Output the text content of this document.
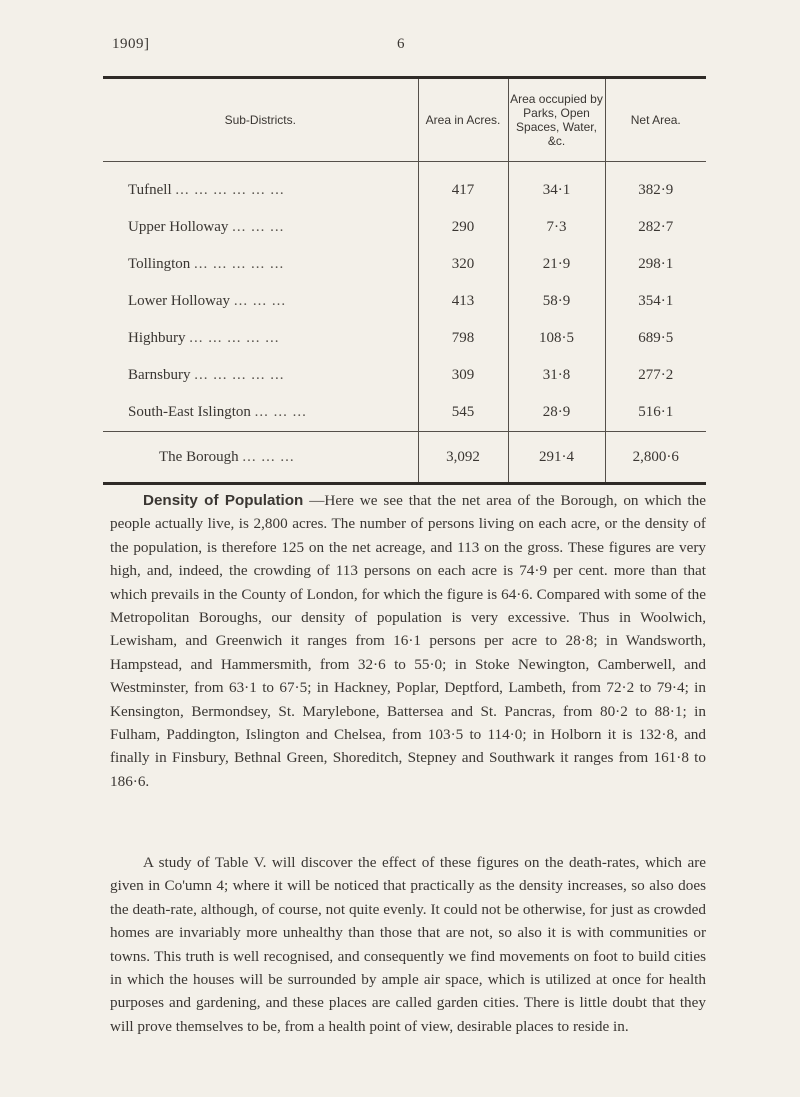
1909]	6
Sub-Districts.	Area in Acres.	Area occupied by Parks, Open Spaces, Water, &c.	Net Area.
Tufnell ... ... ... ... ... ...	417	34·1	382·9
Upper Holloway ... ... ...	290	7·3	282·7
Tollington ... ... ... ... ...	320	21·9	298·1
Lower Holloway ... ... ...	413	58·9	354·1
Highbury ... ... ... ... ...	798	108·5	689·5
Barnsbury ... ... ... ... ...	309	31·8	277·2
South-East Islington ... ... ...	545	28·9	516·1
The Borough ... ... ...	3,092	291·4	2,800·6

Density of Population —Here we see that the net area of the Borough, on which the people actually live, is 2,800 acres. The number of persons living on each acre, or the density of the population, is therefore 125 on the net acreage, and 113 on the gross. These figures are very high, and, indeed, the crowding of 113 persons on each acre is 74·9 per cent. more than that which prevails in the County of London, for which the figure is 64·6. Compared with some of the Metropolitan Boroughs, our density of population is very excessive. Thus in Woolwich, Lewisham, and Greenwich it ranges from 16·1 persons per acre to 28·8; in Wandsworth, Hampstead, and Hammersmith, from 32·6 to 55·0; in Stoke Newington, Camberwell, and Westminster, from 63·1 to 67·5; in Hackney, Poplar, Deptford, Lambeth, from 72·2 to 79·4; in Kensington, Bermondsey, St. Marylebone, Battersea and St. Pancras, from 80·2 to 88·1; in Fulham, Paddington, Islington and Chelsea, from 103·5 to 114·0; in Holborn it is 132·8, and finally in Finsbury, Bethnal Green, Shoreditch, Stepney and Southwark it ranges from 161·8 to 186·6.

A study of Table V. will discover the effect of these figures on the death-rates, which are given in Co'umn 4; where it will be noticed that practically as the density increases, so also does the death-rate, although, of course, not quite evenly. It could not be otherwise, for just as crowded homes are invariably more unhealthy than those that are not, so also it is with communities or towns. This truth is well recognised, and consequently we find movements on foot to build cities in which the houses will be surrounded by ample air space, which is utilized at once for health purposes and gardening, and these places are called garden cities. There is little doubt that they will prove themselves to be, from a health point of view, desirable places to reside in.
